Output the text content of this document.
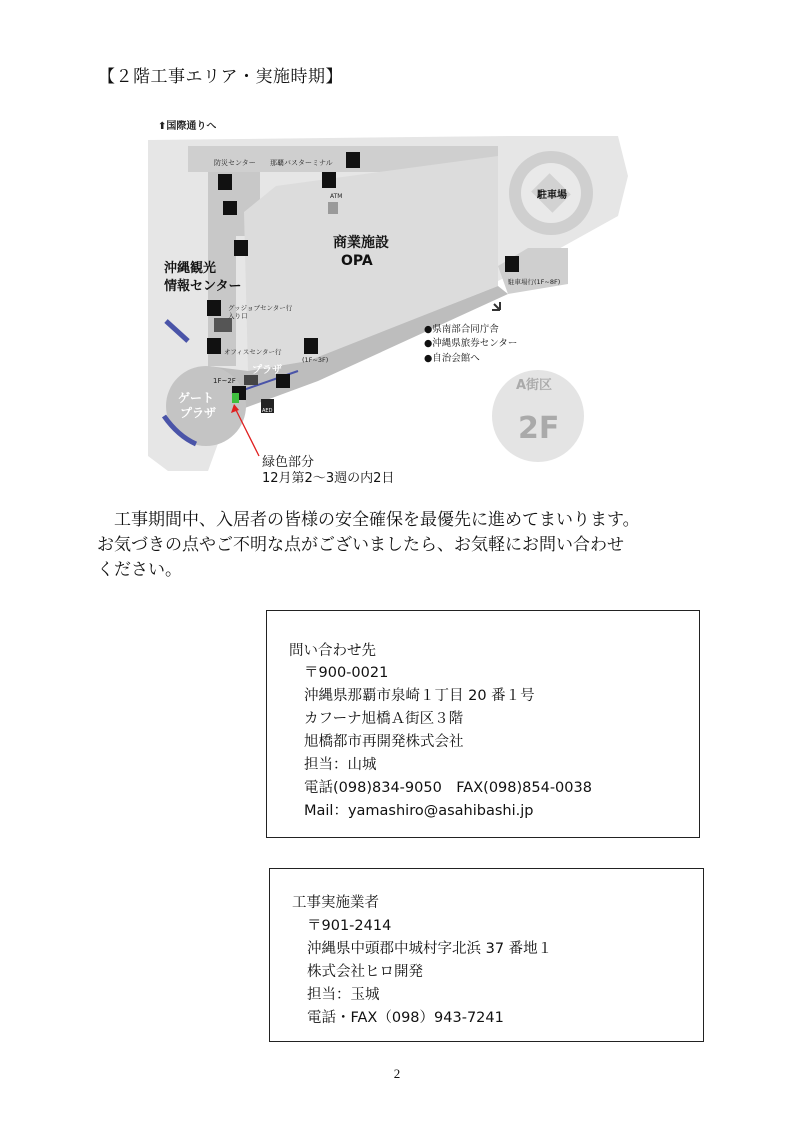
【２階工事エリア・実施時期】
⬆国際通りへ
防災センター 那覇バスターミナル
ATM	駐車場
商業施設
OPA
沖縄観光
情報センター
グッジョブセンター行
入り口
オフィスセンター行
(1F~3F)
プラザ
1F~2F
ゲート
プラザ	AED
駐車場行(1F~8F)
●県南部合同庁舎
●沖縄県旅券センター
●自治会館へ
A街区
2F
緑色部分
12月第2～3週の内2日
工事期間中、入居者の皆様の安全確保を最優先に進めてまいります。
お気づきの点やご不明な点がございましたら、お気軽にお問い合わせ
ください。
問い合わせ先
〒900-0021
沖縄県那覇市泉崎１丁目 20 番１号
カフーナ旭橋Ａ街区３階
旭橋都市再開発株式会社
担当：山城
電話(098)834-9050　FAX(098)854-0038
Mail：yamashiro@asahibashi.jp
工事実施業者
〒901-2414
沖縄県中頭郡中城村字北浜 37 番地１
株式会社ヒロ開発
担当：玉城
電話・FAX（098）943-7241
2
